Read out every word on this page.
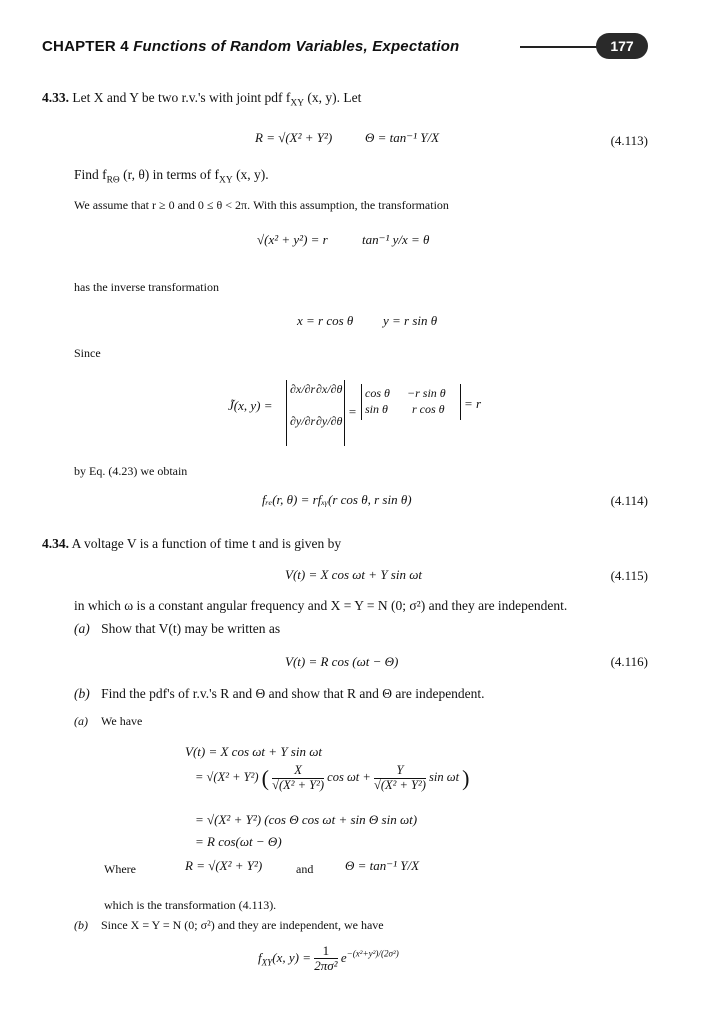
CHAPTER 4 Functions of Random Variables, Expectation	177
4.33. Let X and Y be two r.v.'s with joint pdf $f_{XY}$ (x, y). Let
R = √(X² + Y²)	Θ = tan⁻¹ Y/X	(4.113)
Find $f_{R\Theta}$ (r, θ) in terms of $f_{XY}$ (x, y).
We assume that r ≥ 0 and 0 ≤ θ < 2π. With this assumption, the transformation
√(x² + y²) = r	tan⁻¹ y/x = θ
has the inverse transformation
x = r cos θ y = r sin θ
Since
J̃(x, y) =
∂x/∂r ∂x/∂θ
∂y/∂r ∂y/∂θ
=
cos θ −r sin θ
sin θ r cos θ = r
by Eq. (4.23) we obtain
fᵣₑ(r, θ) = rfₓᵧ(r cos θ, r sin θ)	(4.114)
4.34. A voltage V is a function of time t and is given by
V(t) = X cos ωt + Y sin ωt	(4.115)
in which ω is a constant angular frequency and X = Y = N (0; σ²) and they are independent.
(a) Show that V(t) may be written as
V(t) = R cos (ωt − Θ)	(4.116)
(b) Find the pdf's of r.v.'s R and Θ and show that R and Θ are independent.
(a) We have
V(t) = X cos ωt + Y sin ωt
= √(X² + Y²) ( $\frac{X}{\text{√(X² + Y²)}}$ $\cos \omega t + \frac{Y}{\text{√(X² + Y²)}}$ sin ωt )
= √(X² + Y²) (cos Θ cos ωt + sin Θ sin ωt)
= R cos(ωt − Θ)
Where	R = √(X² + Y²)	and Θ = tan⁻¹ Y/X
which is the transformation (4.113).
(b) Since X = Y = N (0; σ²) and they are independent, we have
$f_{XY}(x$, $y) = \frac{1}{\text{2πσ²}} e^{-(x^2+y^2)/(2\sigma^2)}$
